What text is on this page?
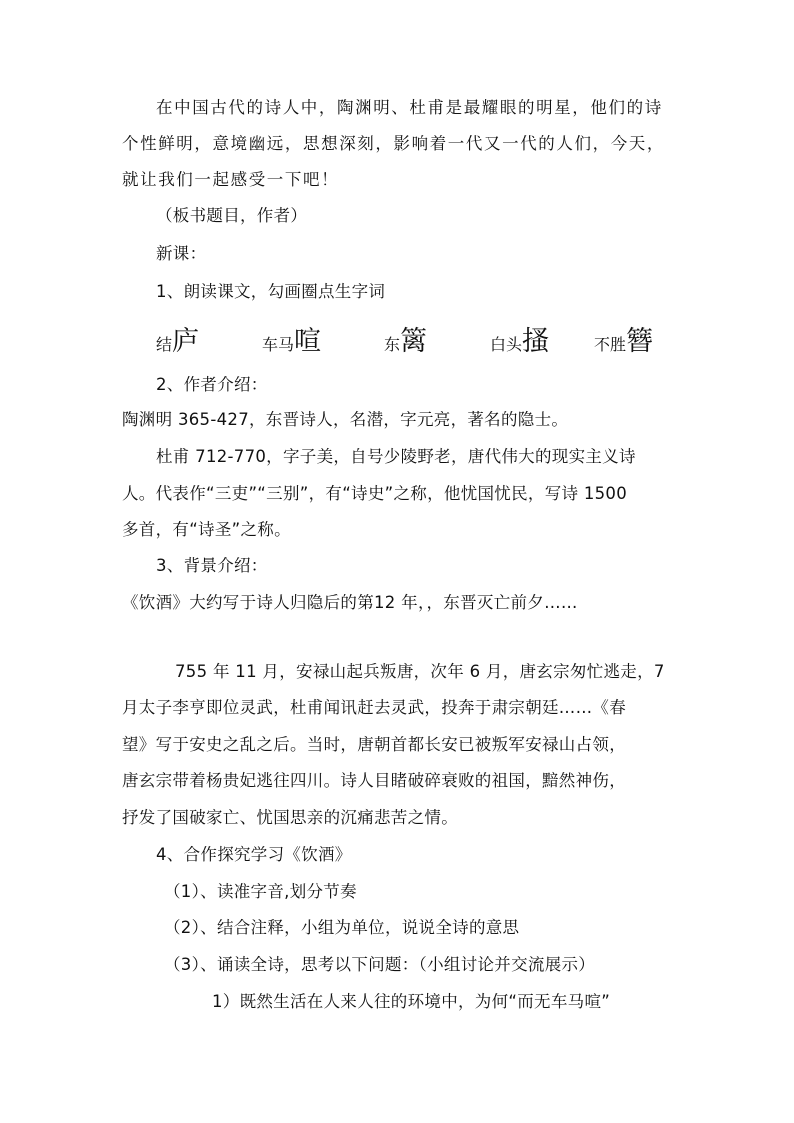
在中国古代的诗人中，陶渊明、杜甫是最耀眼的明星，他们的诗
个性鲜明，意境幽远，思想深刻，影响着一代又一代的人们，今天，
就让我们一起感受一下吧！
（板书题目，作者）
新课：
1、朗读课文，勾画圈点生字词
结庐	车马喧	东篱	白头搔	不胜簪
2、作者介绍：
陶渊明 365-427，东晋诗人，名潜，字元亮，著名的隐士。
杜甫 712-770，字子美，自号少陵野老，唐代伟大的现实主义诗
人。代表作“三吏”“三别”，有“诗史”之称，他忧国忧民，写诗 1500
多首，有“诗圣”之称。
3、背景介绍：
《饮酒》大约写于诗人归隐后的第12 年，，东晋灭亡前夕……
755 年 11 月，安禄山起兵叛唐，次年 6 月，唐玄宗匆忙逃走，7
月太子李亨即位灵武，杜甫闻讯赶去灵武，投奔于肃宗朝廷……《春
望》写于安史之乱之后。当时，唐朝首都长安已被叛军安禄山占领，
唐玄宗带着杨贵妃逃往四川。诗人目睹破碎衰败的祖国，黯然神伤，
抒发了国破家亡、忧国思亲的沉痛悲苦之情。
4、合作探究学习《饮酒》
（1）、读准字音,划分节奏
（2）、结合注释，小组为单位，说说全诗的意思
（3）、诵读全诗，思考以下问题：（小组讨论并交流展示）
1）既然生活在人来人往的环境中，为何“而无车马喧”
